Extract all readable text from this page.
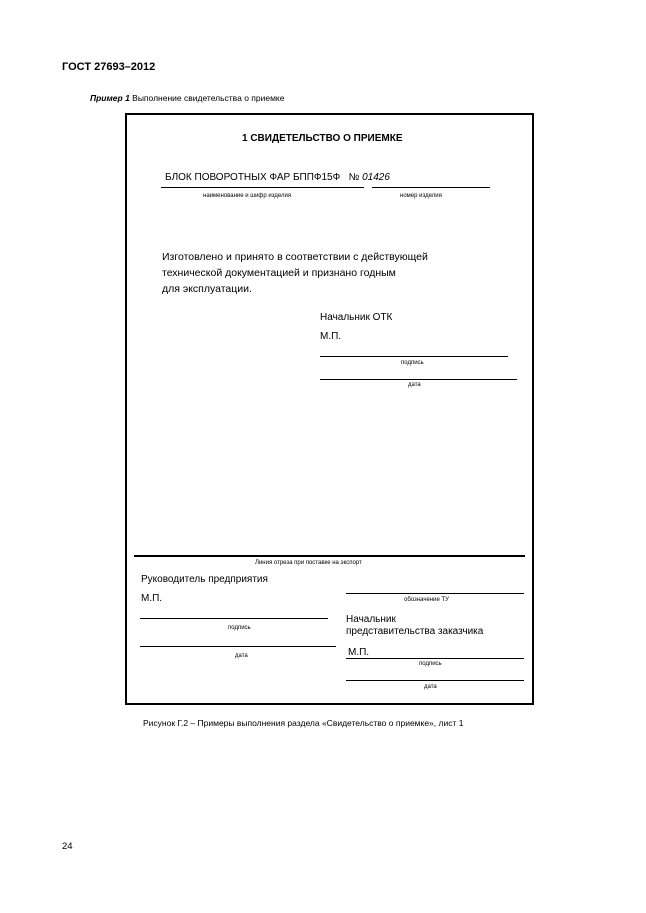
ГОСТ 27693–2012
Пример 1 Выполнение свидетельства о приемке
1 СВИДЕТЕЛЬСТВО О ПРИЕМКЕ
БЛОК ПОВОРОТНЫХ ФАР БППФ15Ф № 01426
наименование и шифр изделия	номер изделия
Изготовлено и принято в соответствии с действующей
технической документацией и признано годным
для эксплуатации.
Начальник ОТК
М.П.
подпись
дата
Линия отреза при поставке на экспорт
Руководитель предприятия
М.П.	обозначение ТУ
подпись
Начальник
представительства заказчика
дата	М.П.
подпись
дата
Рисунок Г.2 – Примеры выполнения раздела «Свидетельство о приемке», лист 1
24
